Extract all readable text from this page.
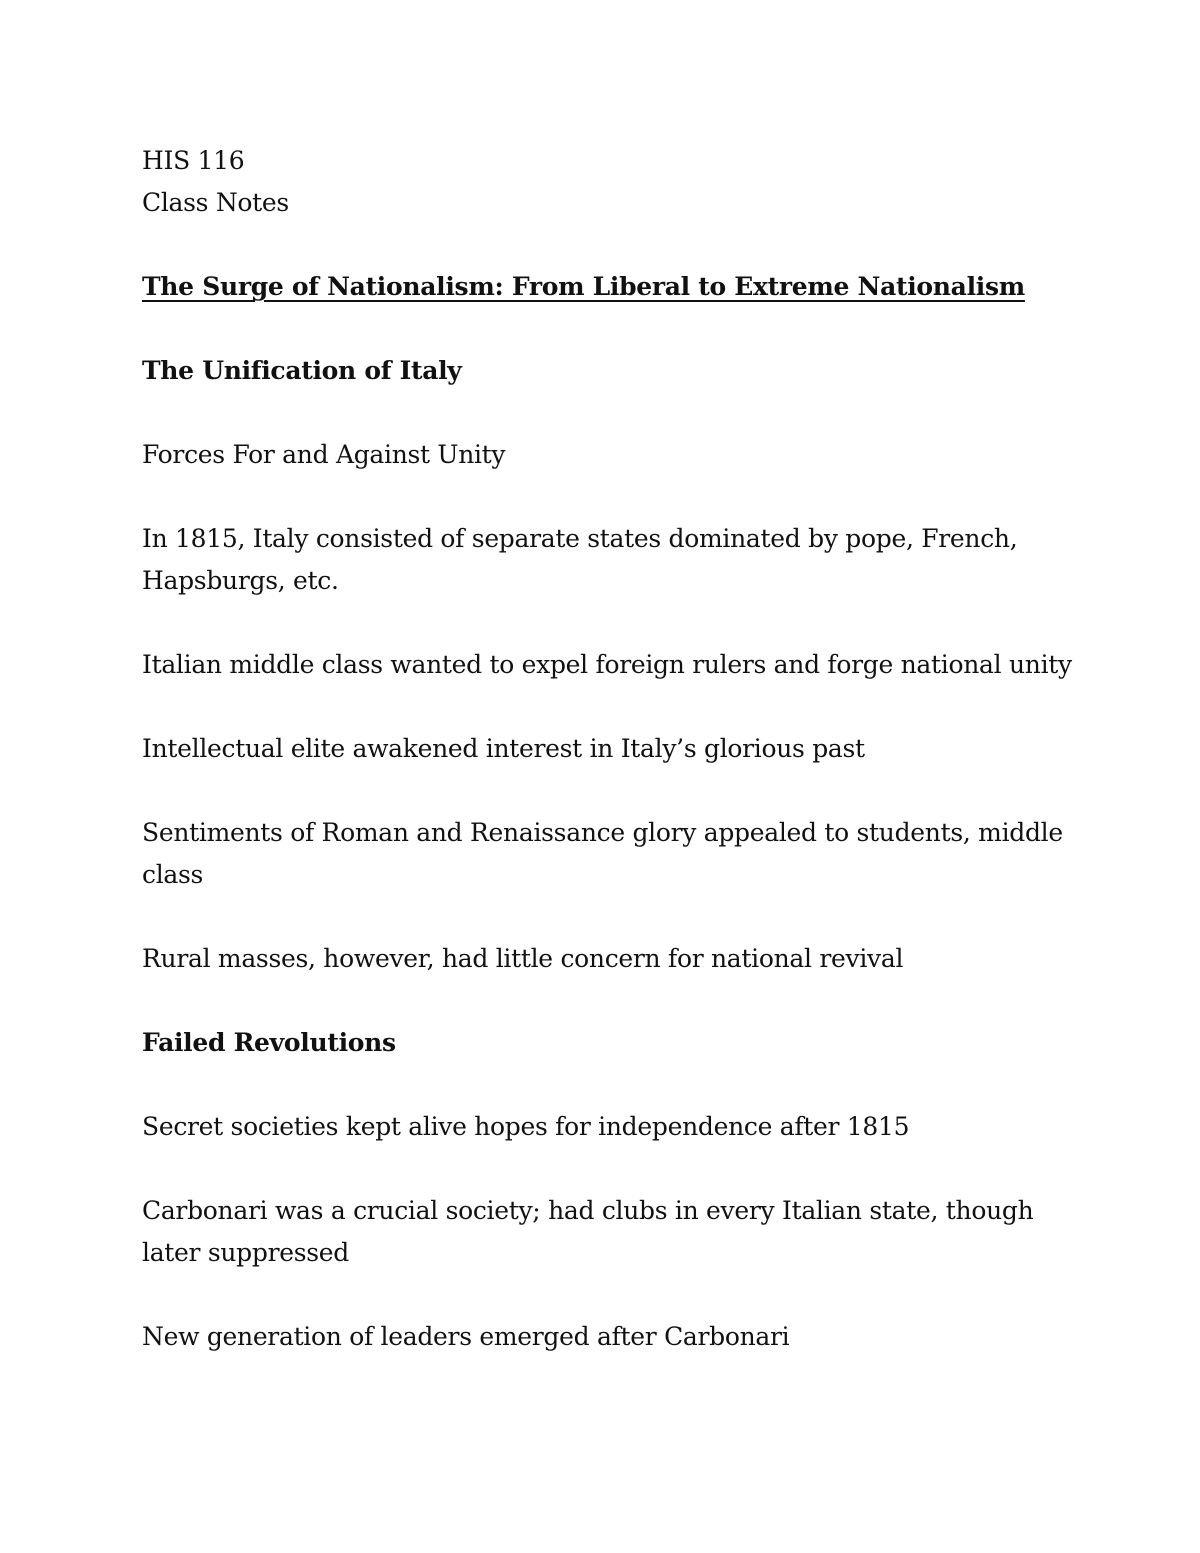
HIS 116

Class Notes

The Surge of Nationalism: From Liberal to Extreme Nationalism

The Unification of Italy

Forces For and Against Unity

In 1815, Italy consisted of separate states dominated by pope, French, Hapsburgs, etc.

Italian middle class wanted to expel foreign rulers and forge national unity

Intellectual elite awakened interest in Italy’s glorious past

Sentiments of Roman and Renaissance glory appealed to students, middle class

Rural masses, however, had little concern for national revival

Failed Revolutions

Secret societies kept alive hopes for independence after 1815

Carbonari was a crucial society; had clubs in every Italian state, though later suppressed

New generation of leaders emerged after Carbonari
